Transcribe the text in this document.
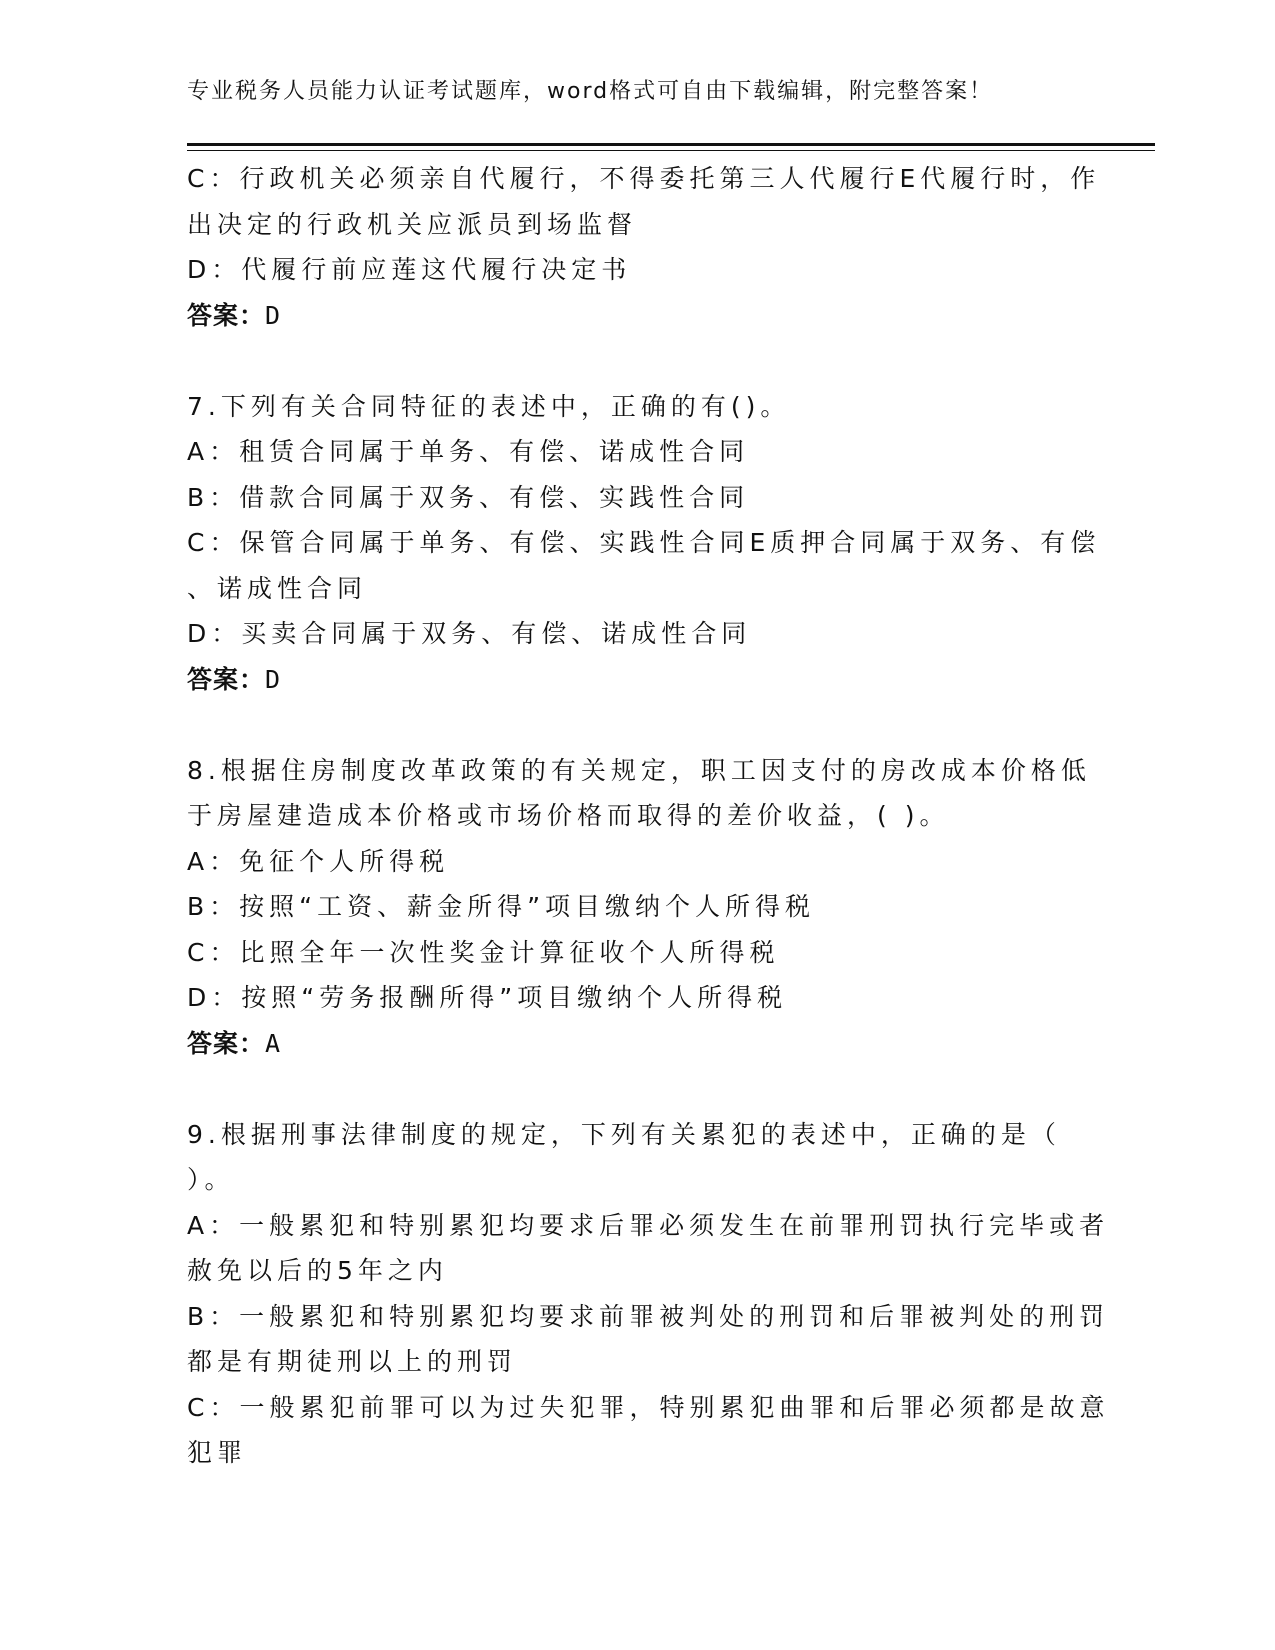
专业税务人员能力认证考试题库，word格式可自由下载编辑，附完整答案！
C：行政机关必须亲自代履行，不得委托第三人代履行E代履行时，作
出决定的行政机关应派员到场监督
D：代履行前应莲这代履行决定书
答案：D
7.下列有关合同特征的表述中，正确的有()。
A：租赁合同属于单务、有偿、诺成性合同
B：借款合同属于双务、有偿、实践性合同
C：保管合同属于单务、有偿、实践性合同E质押合同属于双务、有偿
、诺成性合同
D：买卖合同属于双务、有偿、诺成性合同
答案：D
8.根据住房制度改革政策的有关规定，职工因支付的房改成本价格低
于房屋建造成本价格或市场价格而取得的差价收益，( )。
A：免征个人所得税
B：按照“工资、薪金所得”项目缴纳个人所得税
C：比照全年一次性奖金计算征收个人所得税
D：按照“劳务报酬所得”项目缴纳个人所得税
答案：A
9.根据刑事法律制度的规定，下列有关累犯的表述中，正确的是（
）。
A：一般累犯和特别累犯均要求后罪必须发生在前罪刑罚执行完毕或者
赦免以后的5年之内
B：一般累犯和特别累犯均要求前罪被判处的刑罚和后罪被判处的刑罚
都是有期徒刑以上的刑罚
C：一般累犯前罪可以为过失犯罪，特别累犯曲罪和后罪必须都是故意
犯罪
